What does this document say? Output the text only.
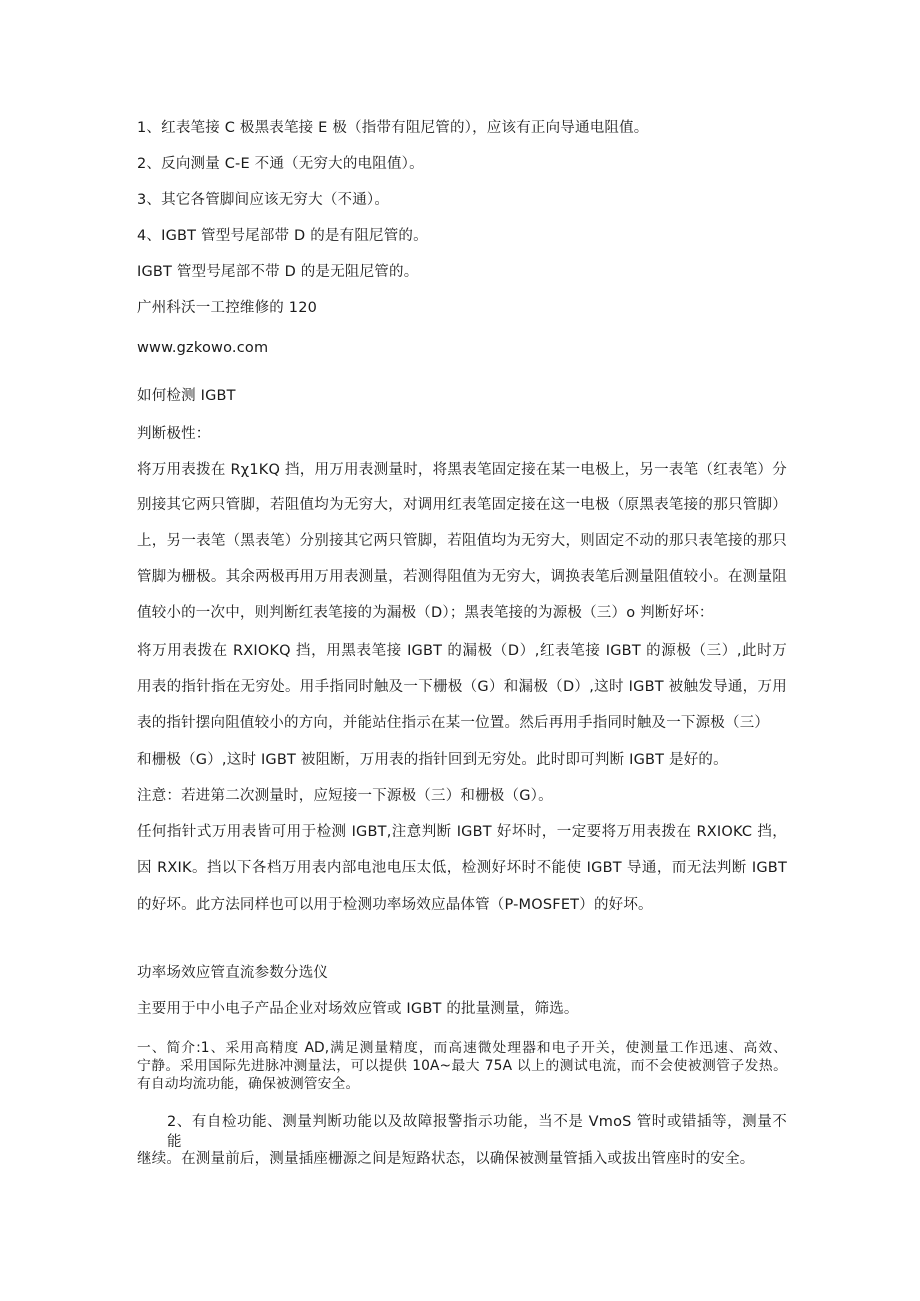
1、红表笔接 C 极黑表笔接 E 极（指带有阻尼管的），应该有正向导通电阻值。

2、反向测量 C-E 不通（无穷大的电阻值）。

3、其它各管脚间应该无穷大（不通）。

4、IGBT 管型号尾部带 D 的是有阻尼管的。

IGBT 管型号尾部不带 D 的是无阻尼管的。

广州科沃一工控维修的 120

www.gzkowo.com

如何检测 IGBT

判断极性：

将万用表拨在 Rχ1KQ 挡，用万用表测量时，将黑表笔固定接在某一电极上，另一表笔（红表笔）分

别接其它两只管脚，若阻值均为无穷大，对调用红表笔固定接在这一电极（原黑表笔接的那只管脚）

上，另一表笔（黑表笔）分别接其它两只管脚，若阻值均为无穷大，则固定不动的那只表笔接的那只

管脚为栅极。其余两极再用万用表测量，若测得阻值为无穷大，调换表笔后测量阻值较小。在测量阻

值较小的一次中，则判断红表笔接的为漏极（D）；黑表笔接的为源极（三）o 判断好坏：

将万用表拨在 RXIOKQ 挡，用黑表笔接 IGBT 的漏极（D）,红表笔接 IGBT 的源极（三）,此时万

用表的指针指在无穷处。用手指同时触及一下栅极（G）和漏极（D）,这时 IGBT 被触发导通，万用

表的指针摆向阻值较小的方向，并能站住指示在某一位置。然后再用手指同时触及一下源极（三）

和栅极（G）,这时 IGBT 被阻断，万用表的指针回到无穷处。此时即可判断 IGBT 是好的。

注意：若进第二次测量时，应短接一下源极（三）和栅极（G）。

任何指针式万用表皆可用于检测 IGBT,注意判断 IGBT 好坏时，一定要将万用表拨在 RXIOKC 挡，

因 RXIK。挡以下各档万用表内部电池电压太低，检测好坏时不能使 IGBT 导通，而无法判断 IGBT

的好坏。此方法同样也可以用于检测功率场效应晶体管（P-MOSFET）的好坏。

功率场效应管直流参数分选仪

主要用于中小电子产品企业对场效应管或 IGBT 的批量测量，筛选。

一、简介:1、采用高精度 AD,满足测量精度，而高速微处理器和电子开关，使测量工作迅速、高效、

宁静。采用国际先进脉冲测量法，可以提供 10A~最大 75A 以上的测试电流，而不会使被测管子发热。

有自动均流功能，确保被测管安全。

2、有自检功能、测量判断功能以及故障报警指示功能，当不是 VmoS 管时或错插等，测量不能

继续。在测量前后，测量插座栅源之间是短路状态，以确保被测量管插入或拔出管座时的安全。
